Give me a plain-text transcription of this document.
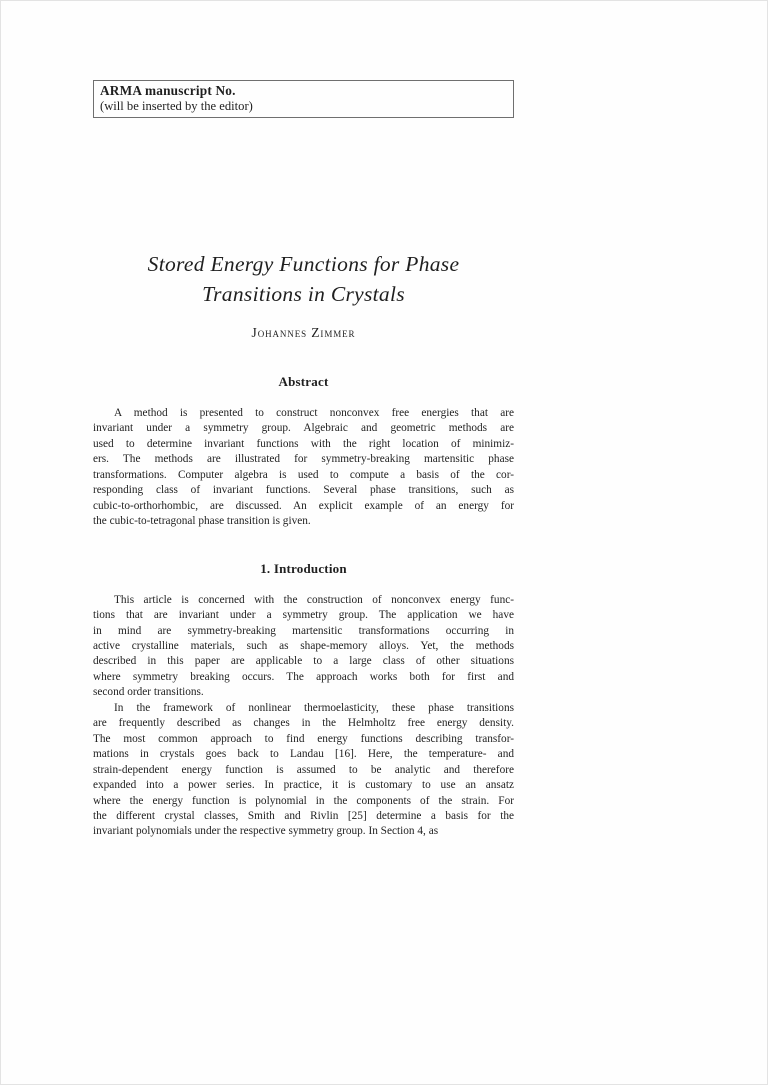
ARMA manuscript No.
(will be inserted by the editor)
Stored Energy Functions for Phase
Transitions in Crystals
Johannes Zimmer
Abstract
A method is presented to construct nonconvex free energies that are
invariant under a symmetry group. Algebraic and geometric methods are
used to determine invariant functions with the right location of minimiz-
ers. The methods are illustrated for symmetry-breaking martensitic phase
transformations. Computer algebra is used to compute a basis of the cor-
responding class of invariant functions. Several phase transitions, such as
cubic-to-orthorhombic, are discussed. An explicit example of an energy for
the cubic-to-tetragonal phase transition is given.
1. Introduction
This article is concerned with the construction of nonconvex energy func-
tions that are invariant under a symmetry group. The application we have
in mind are symmetry-breaking martensitic transformations occurring in
active crystalline materials, such as shape-memory alloys. Yet, the methods
described in this paper are applicable to a large class of other situations
where symmetry breaking occurs. The approach works both for first and
second order transitions.
In the framework of nonlinear thermoelasticity, these phase transitions
are frequently described as changes in the Helmholtz free energy density.
The most common approach to find energy functions describing transfor-
mations in crystals goes back to Landau [16]. Here, the temperature- and
strain-dependent energy function is assumed to be analytic and therefore
expanded into a power series. In practice, it is customary to use an ansatz
where the energy function is polynomial in the components of the strain. For
the different crystal classes, Smith and Rivlin [25] determine a basis for the
invariant polynomials under the respective symmetry group. In Section 4, as
